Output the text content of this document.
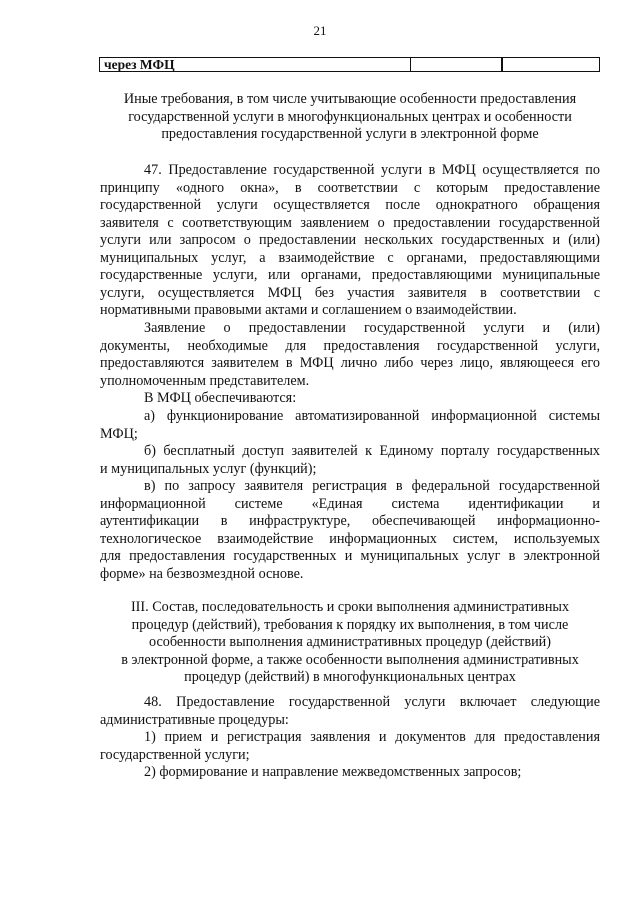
21
через МФЦ
Иные требования, в том числе учитывающие особенности предоставления
государственной услуги в многофункциональных центрах и особенности
предоставления государственной услуги в электронной форме
47. Предоставление государственной услуги в МФЦ осуществляется по
принципу «одного окна», в соответствии с которым предоставление
государственной услуги осуществляется после однократного обращения
заявителя с соответствующим заявлением о предоставлении государственной
услуги или запросом о предоставлении нескольких государственных и (или)
муниципальных услуг, а взаимодействие с органами, предоставляющими
государственные услуги, или органами, предоставляющими муниципальные
услуги, осуществляется МФЦ без участия заявителя в соответствии с
нормативными правовыми актами и соглашением о взаимодействии.
Заявление о предоставлении государственной услуги и (или)
документы, необходимые для предоставления государственной услуги,
предоставляются заявителем в МФЦ лично либо через лицо, являющееся его
уполномоченным представителем.
В МФЦ обеспечиваются:
а) функционирование автоматизированной информационной системы
МФЦ;
б) бесплатный доступ заявителей к Единому порталу государственных
и муниципальных услуг (функций);
в) по запросу заявителя регистрация в федеральной государственной
информационной системе «Единая система идентификации и
аутентификации в инфраструктуре, обеспечивающей информационно-
технологическое взаимодействие информационных систем, используемых
для предоставления государственных и муниципальных услуг в электронной
форме» на безвозмездной основе.
III. Состав, последовательность и сроки выполнения административных
процедур (действий), требования к порядку их выполнения, в том числе
особенности выполнения административных процедур (действий)
в электронной форме, а также особенности выполнения административных
процедур (действий) в многофункциональных центрах
48. Предоставление государственной услуги включает следующие
административные процедуры:
1) прием и регистрация заявления и документов для предоставления
государственной услуги;
2) формирование и направление межведомственных запросов;
